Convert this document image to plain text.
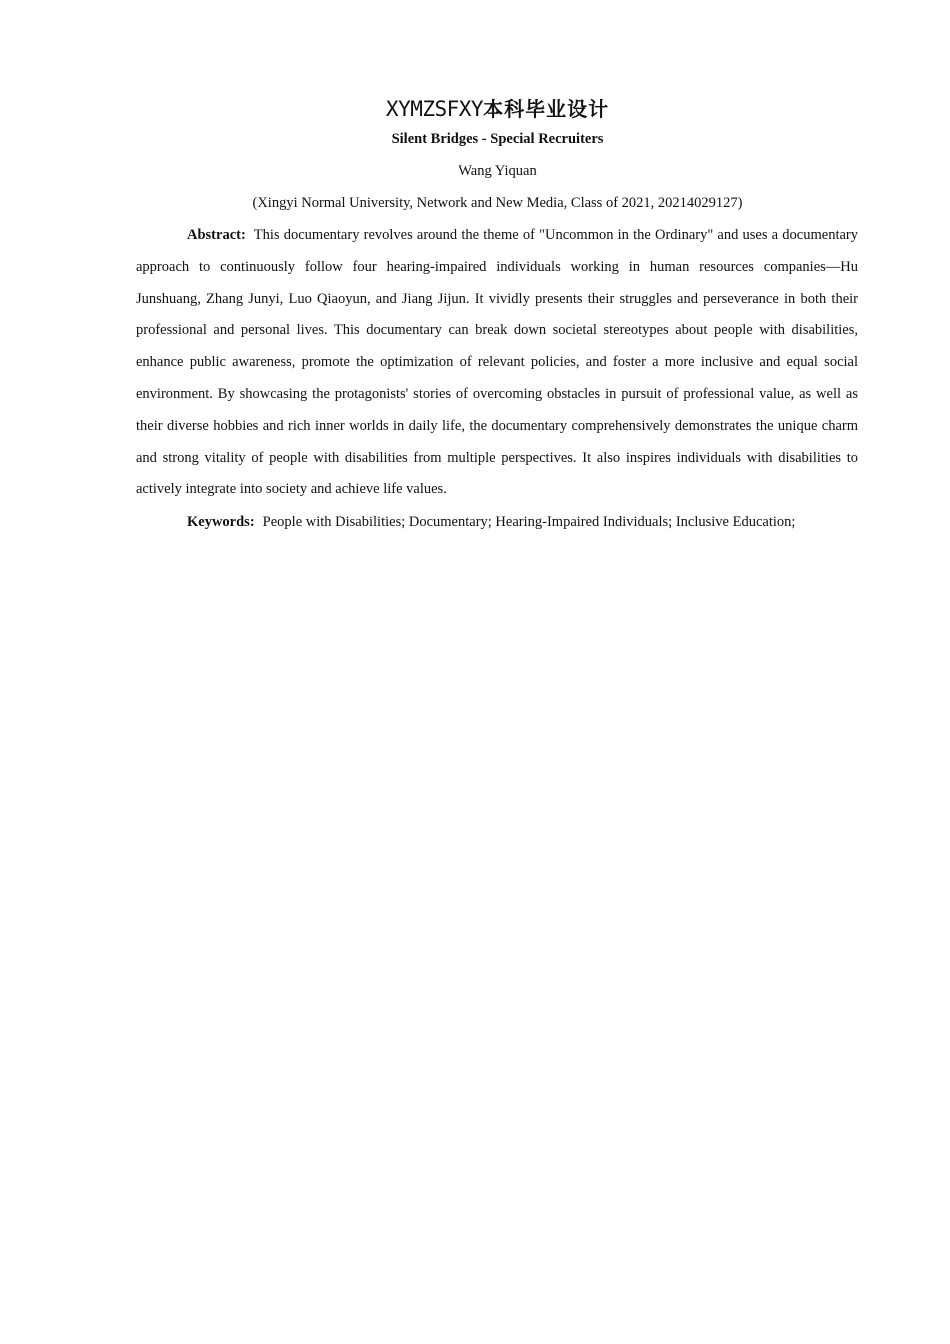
XYMZSFXY本科毕业设计
Silent Bridges - Special Recruiters
Wang Yiquan
(Xingyi Normal University, Network and New Media, Class of 2021, 20214029127)

Abstract: This documentary revolves around the theme of "Uncommon in the Ordinary" and uses a documentary approach to continuously follow four hearing-impaired individuals working in human resources companies—Hu Junshuang, Zhang Junyi, Luo Qiaoyun, and Jiang Jijun. It vividly presents their struggles and perseverance in both their professional and personal lives. This documentary can break down societal stereotypes about people with disabilities, enhance public awareness, promote the optimization of relevant policies, and foster a more inclusive and equal social environment. By showcasing the protagonists' stories of overcoming obstacles in pursuit of professional value, as well as their diverse hobbies and rich inner worlds in daily life, the documentary comprehensively demonstrates the unique charm and strong vitality of people with disabilities from multiple perspectives. It also inspires individuals with disabilities to actively integrate into society and achieve life values.

Keywords: People with Disabilities; Documentary; Hearing-Impaired Individuals; Inclusive Education;
